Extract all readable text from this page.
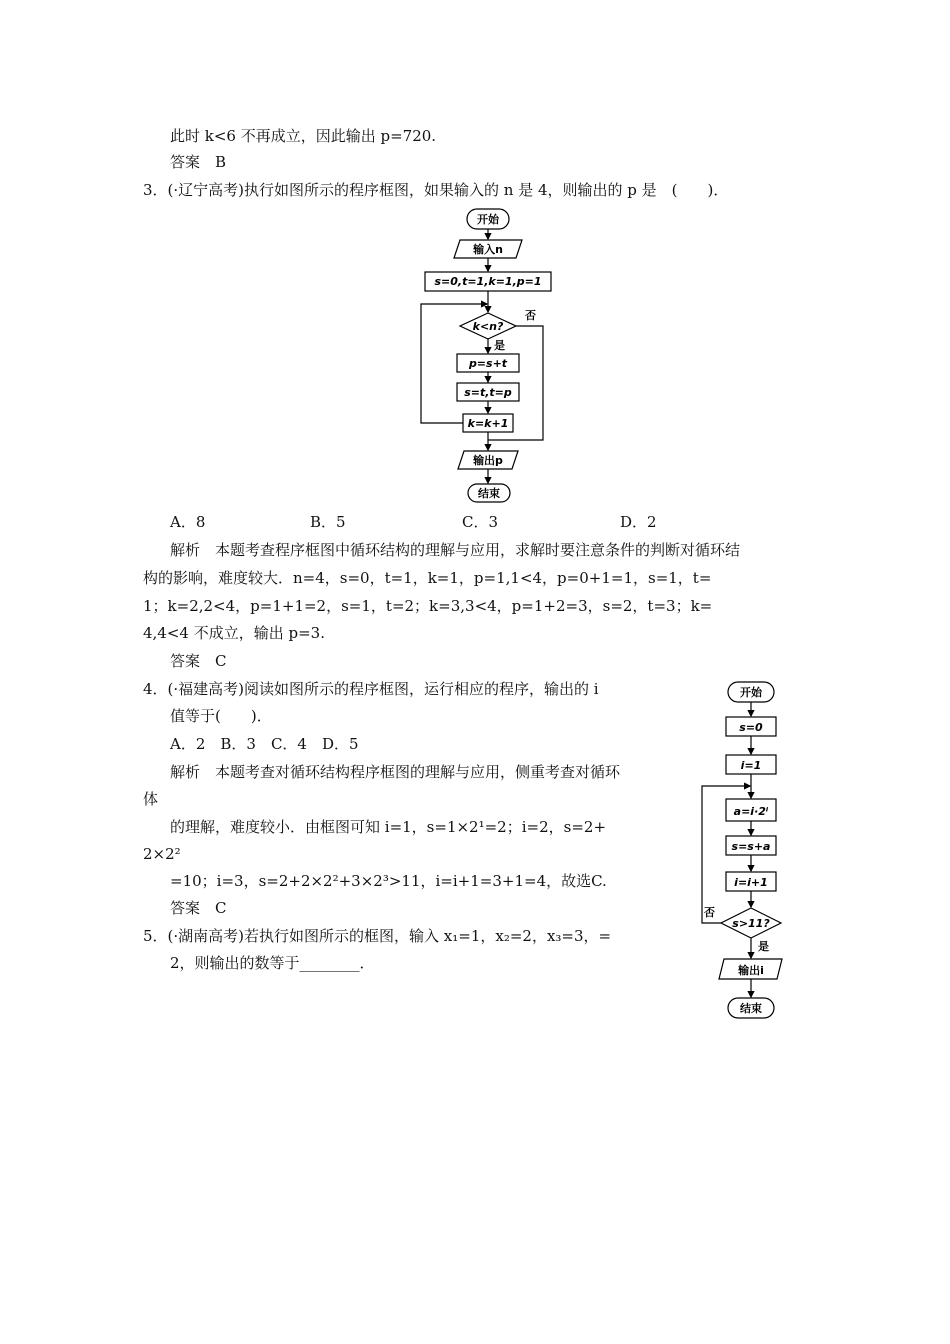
此时 k<6 不再成立，因此输出 p=720.
答案　B
3．(·辽宁高考)执行如图所示的程序框图，如果输入的 n 是 4，则输出的 p 是　(　　)．
A．8	B．5	C．3	D．2
解析　本题考查程序框图中循环结构的理解与应用，求解时要注意条件的判断对循环结
构的影响，难度较大．n=4，s=0，t=1，k=1，p=1,1<4，p=0+1=1，s=1，t=
1；k=2,2<4，p=1+1=2，s=1，t=2；k=3,3<4，p=1+2=3，s=2，t=3；k=
4,4<4 不成立，输出 p=3.
答案　C
4．(·福建高考)阅读如图所示的程序框图，运行相应的程序，输出的 i
值等于(　　)．
A．2　B．3　C．4　D．5
解析　本题考查对循环结构程序框图的理解与应用，侧重考查对循环
体
的理解，难度较小．由框图可知 i=1，s=1×2¹=2；i=2，s=2+
2×2²
=10；i=3，s=2+2×2²+3×2³>11，i=i+1=3+1=4，故选C.
答案　C
5．(·湖南高考)若执行如图所示的框图，输入 x₁=1，x₂=2，x₃=3，=
2，则输出的数等于________．
开始
输入n
s=0,t=1,k=1,p=1
k<n?
否
是
p=s+t
s=t,t=p
k=k+1
输出p
结束
开始
s=0
i=1
a=i·2ⁱ
s=s+a
i=i+1
s>11?
否
是
输出i
结束
